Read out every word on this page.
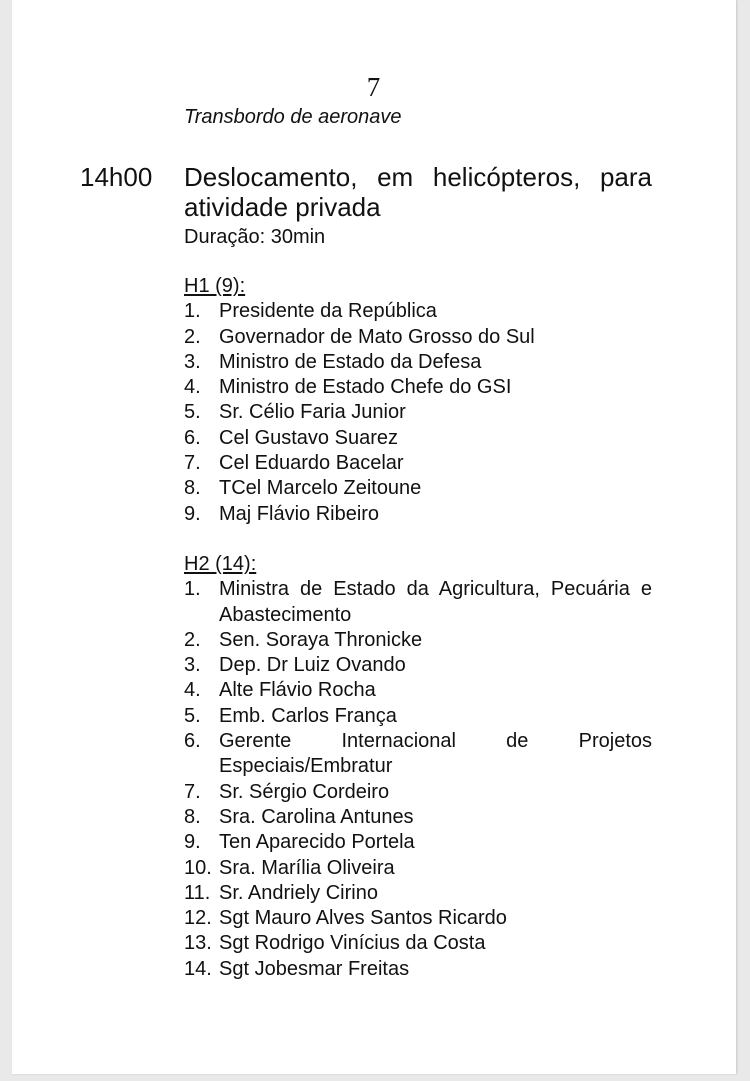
7
Transbordo de aeronave
14h00 Deslocamento, em helicópteros, para atividade privada

Duração: 30min
H1 (9):
1. Presidente da República
2. Governador de Mato Grosso do Sul
3. Ministro de Estado da Defesa
4. Ministro de Estado Chefe do GSI
5. Sr. Célio Faria Junior
6. Cel Gustavo Suarez
7. Cel Eduardo Bacelar
8. TCel Marcelo Zeitoune
9. Maj Flávio Ribeiro
H2 (14):
1. Ministra de Estado da Agricultura, Pecuária e Abastecimento
2. Sen. Soraya Thronicke
3. Dep. Dr Luiz Ovando
4. Alte Flávio Rocha
5. Emb. Carlos França
6. Gerente Internacional de Projetos Especiais/Embratur
7. Sr. Sérgio Cordeiro
8. Sra. Carolina Antunes
9. Ten Aparecido Portela
10. Sra. Marília Oliveira
11. Sr. Andriely Cirino
12. Sgt Mauro Alves Santos Ricardo
13. Sgt Rodrigo Vinícius da Costa
14. Sgt Jobesmar Freitas
